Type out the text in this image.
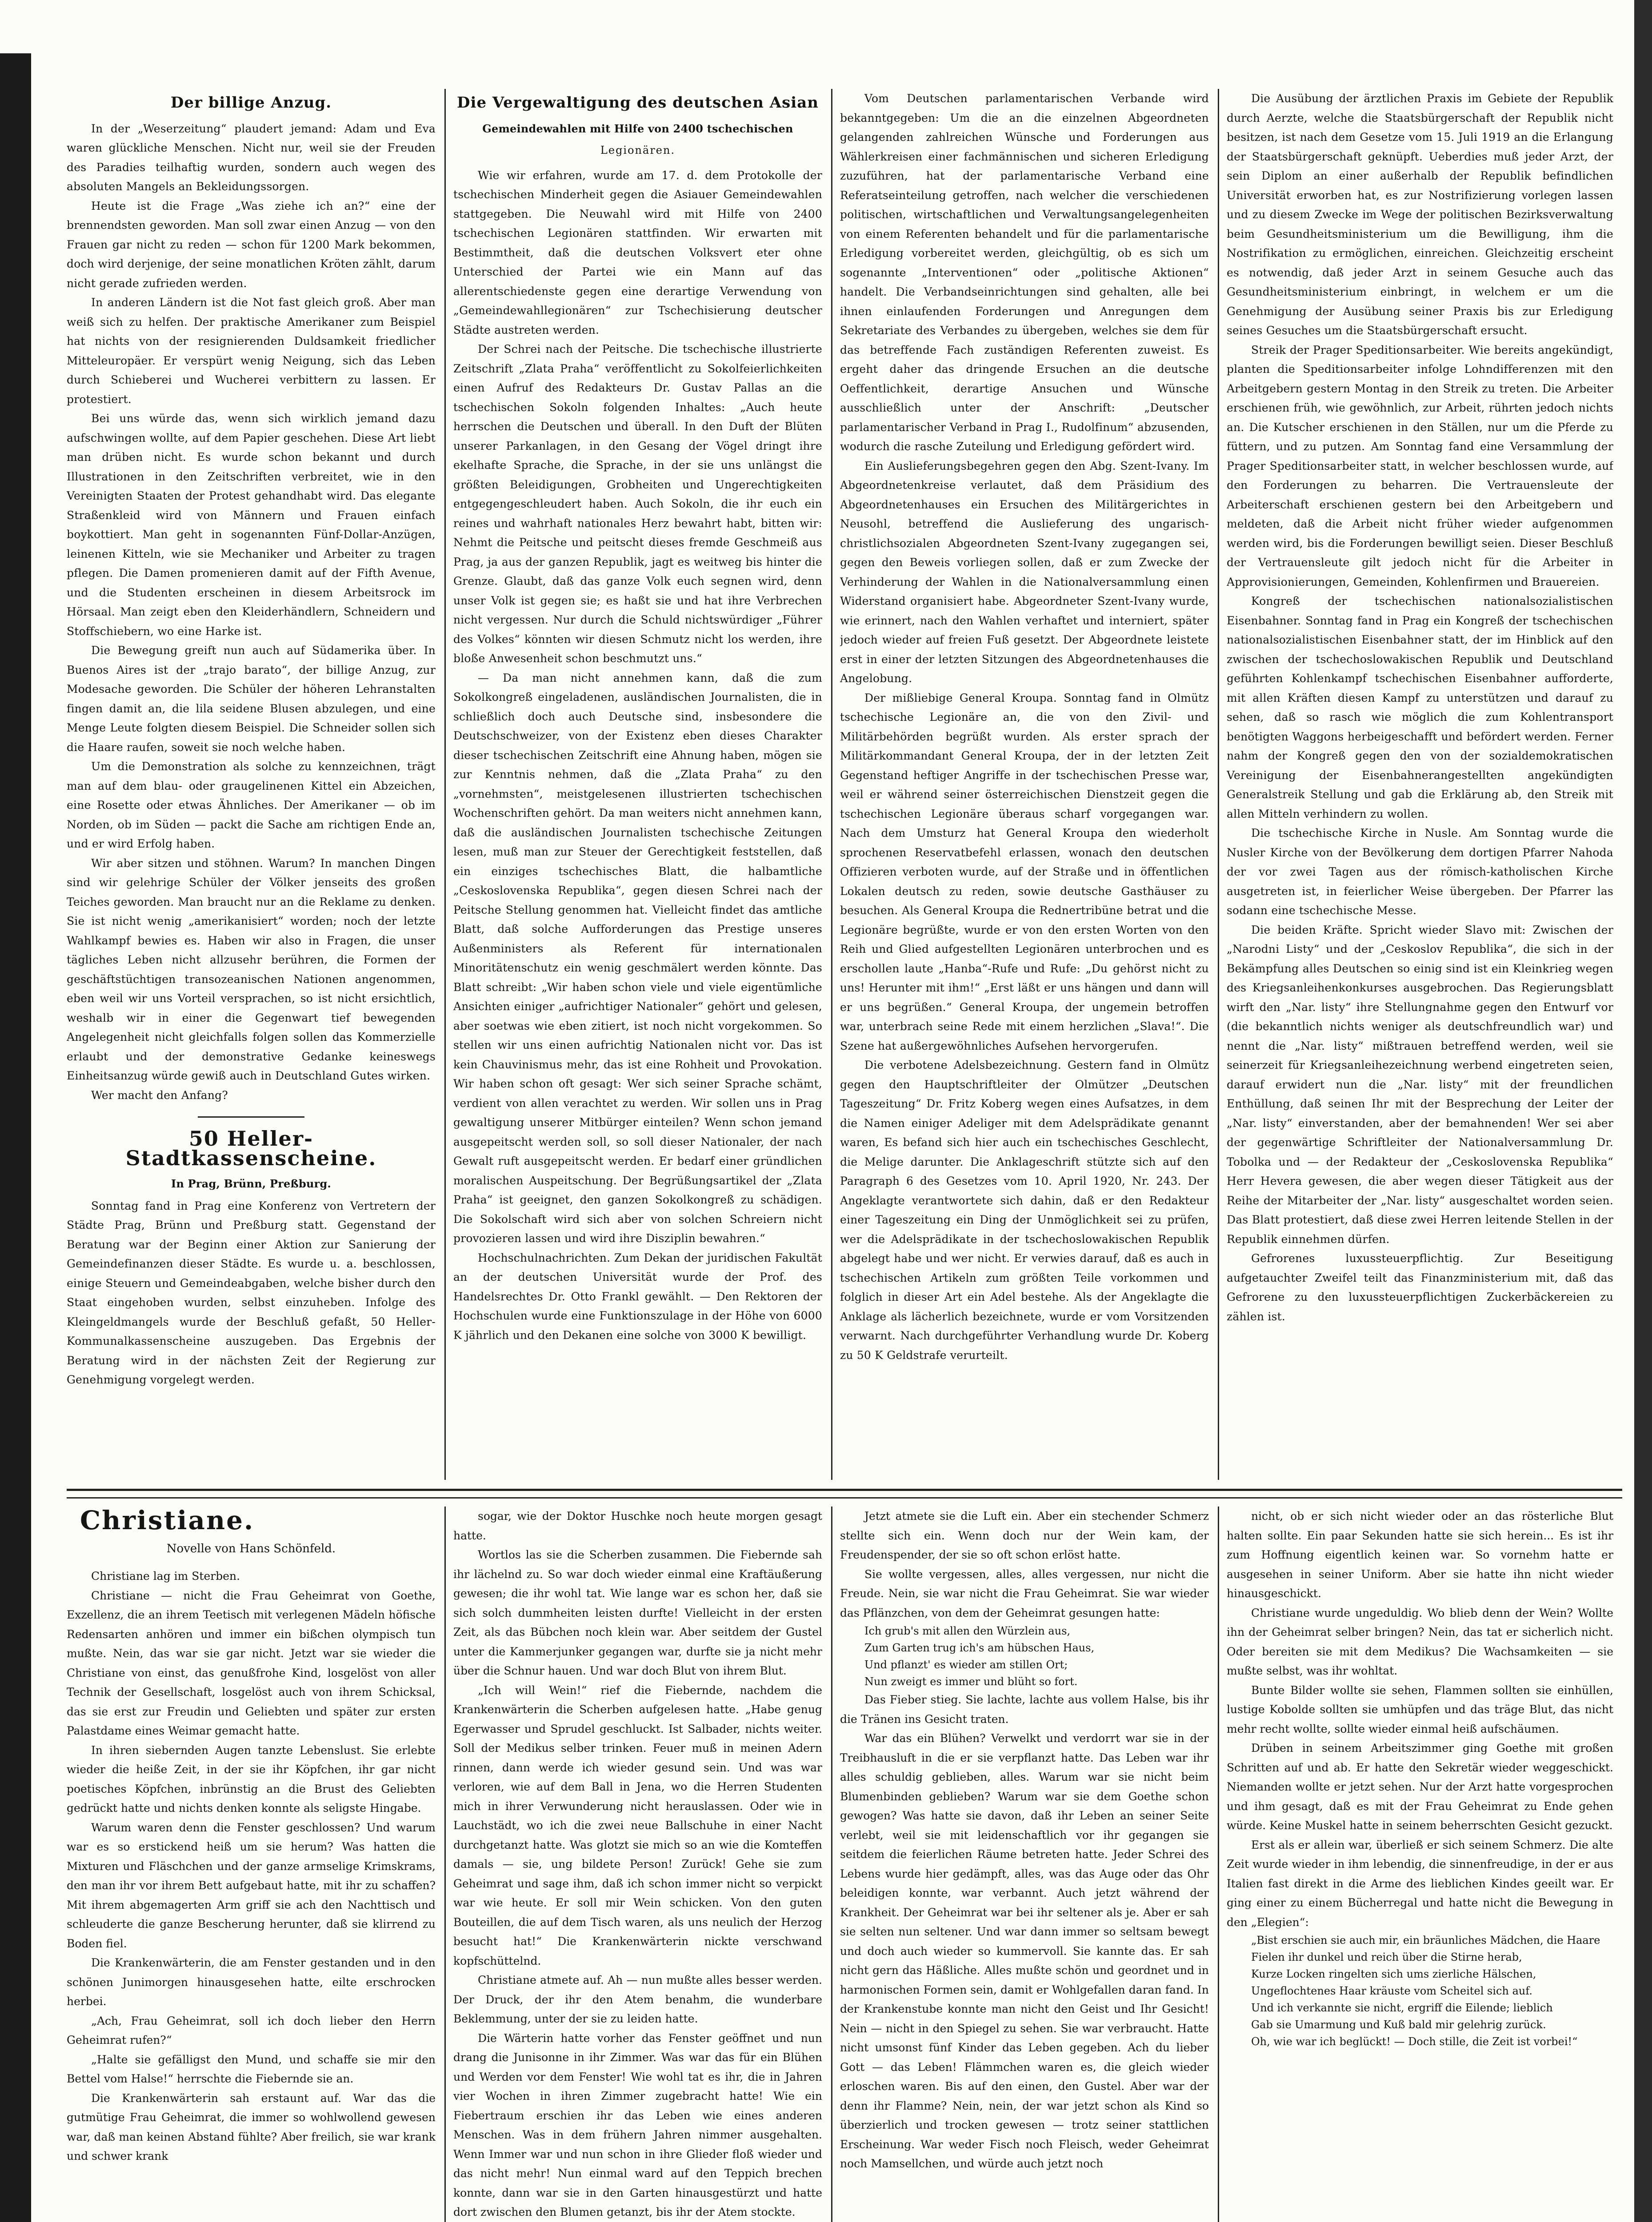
Der billige Anzug.

In der „Weserzeitung“ plaudert jemand: Adam und Eva waren glückliche Menschen. Nicht nur, weil sie der Freuden des Paradies teilhaftig wurden, sondern auch wegen des absoluten Mangels an Bekleidungssorgen.

Heute ist die Frage „Was ziehe ich an?“ eine der brennendsten geworden. Man soll zwar einen Anzug — von den Frauen gar nicht zu reden — schon für 1200 Mark bekommen, doch wird derjenige, der seine monatlichen Kröten zählt, darum nicht gerade zufrieden werden.

In anderen Ländern ist die Not fast gleich groß. Aber man weiß sich zu helfen. Der praktische Amerikaner zum Beispiel hat nichts von der resignierenden Duldsamkeit friedlicher Mitteleuropäer. Er verspürt wenig Neigung, sich das Leben durch Schieberei und Wucherei verbittern zu lassen. Er protestiert.

Bei uns würde das, wenn sich wirklich jemand dazu aufschwingen wollte, auf dem Papier geschehen. Diese Art liebt man drüben nicht. Es wurde schon bekannt und durch Illustrationen in den Zeitschriften verbreitet, wie in den Vereinigten Staaten der Protest gehandhabt wird. Das elegante Straßenkleid wird von Männern und Frauen einfach boykottiert. Man geht in sogenannten Fünf-Dollar-Anzügen, leinenen Kitteln, wie sie Mechaniker und Arbeiter zu tragen pflegen. Die Damen promenieren damit auf der Fifth Avenue, und die Studenten erscheinen in diesem Arbeitsrock im Hörsaal. Man zeigt eben den Kleiderhändlern, Schneidern und Stoffschiebern, wo eine Harke ist.

Die Bewegung greift nun auch auf Südamerika über. In Buenos Aires ist der „trajo barato“, der billige Anzug, zur Modesache geworden. Die Schüler der höheren Lehranstalten fingen damit an, die lila seidene Blusen abzulegen, und eine Menge Leute folgten diesem Beispiel. Die Schneider sollen sich die Haare raufen, soweit sie noch welche haben.

Um die Demonstration als solche zu kennzeichnen, trägt man auf dem blau- oder graugelinenen Kittel ein Abzeichen, eine Rosette oder etwas Ähnliches. Der Amerikaner — ob im Norden, ob im Süden — packt die Sache am richtigen Ende an, und er wird Erfolg haben.

Wir aber sitzen und stöhnen. Warum? In manchen Dingen sind wir gelehrige Schüler der Völker jenseits des großen Teiches geworden. Man braucht nur an die Reklame zu denken. Sie ist nicht wenig „amerikanisiert“ worden; noch der letzte Wahlkampf bewies es. Haben wir also in Fragen, die unser tägliches Leben nicht allzusehr berühren, die Formen der geschäftstüchtigen transozeanischen Nationen angenommen, eben weil wir uns Vorteil versprachen, so ist nicht ersichtlich, weshalb wir in einer die Gegenwart tief bewegenden Angelegenheit nicht gleichfalls folgen sollen das Kommerzielle erlaubt und der demonstrative Gedanke keineswegs Einheitsanzug würde gewiß auch in Deutschland Gutes wirken.

Wer macht den Anfang?

50 Heller-Stadtkassenscheine.
In Prag, Brünn, Preßburg.

Sonntag fand in Prag eine Konferenz von Vertretern der Städte Prag, Brünn und Preßburg statt. Gegenstand der Beratung war der Beginn einer Aktion zur Sanierung der Gemeindefinanzen dieser Städte. Es wurde u. a. beschlossen, einige Steuern und Gemeindeabgaben, welche bisher durch den Staat eingehoben wurden, selbst einzuheben. Infolge des Kleingeldmangels wurde der Beschluß gefaßt, 50 Heller-Kommunalkassenscheine auszugeben. Das Ergebnis der Beratung wird in der nächsten Zeit der Regierung zur Genehmigung vorgelegt werden.

Die Vergewaltigung des deutschen Asian
Gemeindewahlen mit Hilfe von 2400 tschechischen
Legionären.

Wie wir erfahren, wurde am 17. d. dem Protokolle der tschechischen Minderheit gegen die Asiauer Gemeindewahlen stattgegeben. Die Neuwahl wird mit Hilfe von 2400 tschechischen Legionären stattfinden. Wir erwarten mit Bestimmtheit, daß die deutschen Volksvert eter ohne Unterschied der Partei wie ein Mann auf das allerentschiedenste gegen eine derartige Verwendung von „Gemeindewahllegionären“ zur Tschechisierung deutscher Städte austreten werden.

Der Schrei nach der Peitsche. Die tschechische illustrierte Zeitschrift „Zlata Praha“ veröffentlicht zu Sokolfeierlichkeiten einen Aufruf des Redakteurs Dr. Gustav Pallas an die tschechischen Sokoln folgenden Inhaltes: „Auch heute herrschen die Deutschen und überall. In den Duft der Blüten unserer Parkanlagen, in den Gesang der Vögel dringt ihre ekelhafte Sprache, die Sprache, in der sie uns unlängst die größten Beleidigungen, Grobheiten und Ungerechtigkeiten entgegengeschleudert haben. Auch Sokoln, die ihr euch ein reines und wahrhaft nationales Herz bewahrt habt, bitten wir: Nehmt die Peitsche und peitscht dieses fremde Geschmeiß aus Prag, ja aus der ganzen Republik, jagt es weitweg bis hinter die Grenze. Glaubt, daß das ganze Volk euch segnen wird, denn unser Volk ist gegen sie; es haßt sie und hat ihre Verbrechen nicht vergessen. Nur durch die Schuld nichtswürdiger „Führer des Volkes“ könnten wir diesen Schmutz nicht los werden, ihre bloße Anwesenheit schon beschmutzt uns.“

— Da man nicht annehmen kann, daß die zum Sokolkongreß eingeladenen, ausländischen Journalisten, die in schließlich doch auch Deutsche sind, insbesondere die Deutschschweizer, von der Existenz eben dieses Charakter dieser tschechischen Zeitschrift eine Ahnung haben, mögen sie zur Kenntnis nehmen, daß die „Zlata Praha“ zu den „vornehmsten“, meistgelesenen illustrierten tschechischen Wochenschriften gehört. Da man weiters nicht annehmen kann, daß die ausländischen Journalisten tschechische Zeitungen lesen, muß man zur Steuer der Gerechtigkeit feststellen, daß ein einziges tschechisches Blatt, die halbamtliche „Ceskoslovenska Republika“, gegen diesen Schrei nach der Peitsche Stellung genommen hat. Vielleicht findet das amtliche Blatt, daß solche Aufforderungen das Prestige unseres Außenministers als Referent für internationalen Minoritätenschutz ein wenig geschmälert werden könnte. Das Blatt schreibt: „Wir haben schon viele und viele eigentümliche Ansichten einiger „aufrichtiger Nationaler“ gehört und gelesen, aber soetwas wie eben zitiert, ist noch nicht vorgekommen. So stellen wir uns einen aufrichtig Nationalen nicht vor. Das ist kein Chauvinismus mehr, das ist eine Rohheit und Provokation. Wir haben schon oft gesagt: Wer sich seiner Sprache schämt, verdient von allen verachtet zu werden. Wir sollen uns in Prag gewaltigung unserer Mitbürger einteilen? Wenn schon jemand ausgepeitscht werden soll, so soll dieser Nationaler, der nach Gewalt ruft ausgepeitscht werden. Er bedarf einer gründlichen moralischen Auspeitschung. Der Begrüßungsartikel der „Zlata Praha“ ist geeignet, den ganzen Sokolkongreß zu schädigen. Die Sokolschaft wird sich aber von solchen Schreiern nicht provozieren lassen und wird ihre Disziplin bewahren.“

Hochschulnachrichten. Zum Dekan der juridischen Fakultät an der deutschen Universität wurde der Prof. des Handelsrechtes Dr. Otto Frankl gewählt. — Den Rektoren der Hochschulen wurde eine Funktionszulage in der Höhe von 6000 K jährlich und den Dekanen eine solche von 3000 K bewilligt.

Vom Deutschen parlamentarischen Verbande wird bekanntgegeben: Um die an die einzelnen Abgeordneten gelangenden zahlreichen Wünsche und Forderungen aus Wählerkreisen einer fachmännischen und sicheren Erledigung zuzuführen, hat der parlamentarische Verband eine Referatseinteilung getroffen, nach welcher die verschiedenen politischen, wirtschaftlichen und Verwaltungsangelegenheiten von einem Referenten behandelt und für die parlamentarische Erledigung vorbereitet werden, gleichgültig, ob es sich um sogenannte „Interventionen“ oder „politische Aktionen“ handelt. Die Verbandseinrichtungen sind gehalten, alle bei ihnen einlaufenden Forderungen und Anregungen dem Sekretariate des Verbandes zu übergeben, welches sie dem für das betreffende Fach zuständigen Referenten zuweist. Es ergeht daher das dringende Ersuchen an die deutsche Oeffentlichkeit, derartige Ansuchen und Wünsche ausschließlich unter der Anschrift: „Deutscher parlamentarischer Verband in Prag I., Rudolfinum“ abzusenden, wodurch die rasche Zuteilung und Erledigung gefördert wird.

Ein Auslieferungsbegehren gegen den Abg. Szent-Ivany. Im Abgeordnetenkreise verlautet, daß dem Präsidium des Abgeordnetenhauses ein Ersuchen des Militärgerichtes in Neusohl, betreffend die Auslieferung des ungarisch-christlichsozialen Abgeordneten Szent-Ivany zugegangen sei, gegen den Beweis vorliegen sollen, daß er zum Zwecke der Verhinderung der Wahlen in die Nationalversammlung einen Widerstand organisiert habe. Abgeordneter Szent-Ivany wurde, wie erinnert, nach den Wahlen verhaftet und interniert, später jedoch wieder auf freien Fuß gesetzt. Der Abgeordnete leistete erst in einer der letzten Sitzungen des Abgeordnetenhauses die Angelobung.

Der mißliebige General Kroupa. Sonntag fand in Olmütz tschechische Legionäre an, die von den Zivil- und Militärbehörden begrüßt wurden. Als erster sprach der Militärkommandant General Kroupa, der in der letzten Zeit Gegenstand heftiger Angriffe in der tschechischen Presse war, weil er während seiner österreichischen Dienstzeit gegen die tschechischen Legionäre überaus scharf vorgegangen war. Nach dem Umsturz hat General Kroupa den wiederholt sprochenen Reservatbefehl erlassen, wonach den deutschen Offizieren verboten wurde, auf der Straße und in öffentlichen Lokalen deutsch zu reden, sowie deutsche Gasthäuser zu besuchen. Als General Kroupa die Rednertribüne betrat und die Legionäre begrüßte, wurde er von den ersten Worten von den Reih und Glied aufgestellten Legionären unterbrochen und es erschollen laute „Hanba“-Rufe und Rufe: „Du gehörst nicht zu uns! Herunter mit ihm!“ „Erst läßt er uns hängen und dann will er uns begrüßen.“ General Kroupa, der ungemein betroffen war, unterbrach seine Rede mit einem herzlichen „Slava!“. Die Szene hat außergewöhnliches Aufsehen hervorgerufen.

Die verbotene Adelsbezeichnung. Gestern fand in Olmütz gegen den Hauptschriftleiter der Olmützer „Deutschen Tageszeitung“ Dr. Fritz Koberg wegen eines Aufsatzes, in dem die Namen einiger Adeliger mit dem Adelsprädikate genannt waren, Es befand sich hier auch ein tschechisches Geschlecht, die Melige darunter. Die Anklageschrift stützte sich auf den Paragraph 6 des Gesetzes vom 10. April 1920, Nr. 243. Der Angeklagte verantwortete sich dahin, daß er den Redakteur einer Tageszeitung ein Ding der Unmöglichkeit sei zu prüfen, wer die Adelsprädikate in der tschechoslowakischen Republik abgelegt habe und wer nicht. Er verwies darauf, daß es auch in tschechischen Artikeln zum größten Teile vorkommen und folglich in dieser Art ein Adel bestehe. Als der Angeklagte die Anklage als lächerlich bezeichnete, wurde er vom Vorsitzenden verwarnt. Nach durchgeführter Verhandlung wurde Dr. Koberg zu 50 K Geldstrafe verurteilt.

Die Ausübung der ärztlichen Praxis im Gebiete der Republik durch Aerzte, welche die Staatsbürgerschaft der Republik nicht besitzen, ist nach dem Gesetze vom 15. Juli 1919 an die Erlangung der Staatsbürgerschaft geknüpft. Ueberdies muß jeder Arzt, der sein Diplom an einer außerhalb der Republik befindlichen Universität erworben hat, es zur Nostrifizierung vorlegen lassen und zu diesem Zwecke im Wege der politischen Bezirksverwaltung beim Gesundheitsministerium um die Bewilligung, ihm die Nostrifikation zu ermöglichen, einreichen. Gleichzeitig erscheint es notwendig, daß jeder Arzt in seinem Gesuche auch das Gesundheitsministerium einbringt, in welchem er um die Genehmigung der Ausübung seiner Praxis bis zur Erledigung seines Gesuches um die Staatsbürgerschaft ersucht.

Streik der Prager Speditionsarbeiter. Wie bereits angekündigt, planten die Speditionsarbeiter infolge Lohndifferenzen mit den Arbeitgebern gestern Montag in den Streik zu treten. Die Arbeiter erschienen früh, wie gewöhnlich, zur Arbeit, rührten jedoch nichts an. Die Kutscher erschienen in den Ställen, nur um die Pferde zu füttern, und zu putzen. Am Sonntag fand eine Versammlung der Prager Speditionsarbeiter statt, in welcher beschlossen wurde, auf den Forderungen zu beharren. Die Vertrauensleute der Arbeiterschaft erschienen gestern bei den Arbeitgebern und meldeten, daß die Arbeit nicht früher wieder aufgenommen werden wird, bis die Forderungen bewilligt seien. Dieser Beschluß der Vertrauensleute gilt jedoch nicht für die Arbeiter in Approvisionierungen, Gemeinden, Kohlenfirmen und Brauereien.

Kongreß der tschechischen nationalsozialistischen Eisenbahner. Sonntag fand in Prag ein Kongreß der tschechischen nationalsozialistischen Eisenbahner statt, der im Hinblick auf den zwischen der tschechoslowakischen Republik und Deutschland geführten Kohlenkampf tschechischen Eisenbahner aufforderte, mit allen Kräften diesen Kampf zu unterstützen und darauf zu sehen, daß so rasch wie möglich die zum Kohlentransport benötigten Waggons herbeigeschafft und befördert werden. Ferner nahm der Kongreß gegen den von der sozialdemokratischen Vereinigung der Eisenbahnerangestellten angekündigten Generalstreik Stellung und gab die Erklärung ab, den Streik mit allen Mitteln verhindern zu wollen.

Die tschechische Kirche in Nusle. Am Sonntag wurde die Nusler Kirche von der Bevölkerung dem dortigen Pfarrer Nahoda der vor zwei Tagen aus der römisch-katholischen Kirche ausgetreten ist, in feierlicher Weise übergeben. Der Pfarrer las sodann eine tschechische Messe.

Die beiden Kräfte. Spricht wieder Slavo mit: Zwischen der „Narodni Listy“ und der „Ceskoslov Republika“, die sich in der Bekämpfung alles Deutschen so einig sind ist ein Kleinkrieg wegen des Kriegsanleihenkonkurses ausgebrochen. Das Regierungsblatt wirft den „Nar. listy“ ihre Stellungnahme gegen den Entwurf vor (die bekanntlich nichts weniger als deutschfreundlich war) und nennt die „Nar. listy“ mißtrauen betreffend werden, weil sie seinerzeit für Kriegsanleihezeichnung werbend eingetreten seien, darauf erwidert nun die „Nar. listy“ mit der freundlichen Enthüllung, daß seinen Ihr mit der Besprechung der Leiter der „Nar. listy“ einverstanden, aber der bemahnenden! Wer sei aber der gegenwärtige Schriftleiter der Nationalversammlung Dr. Tobolka und — der Redakteur der „Ceskoslovenska Republika“ Herr Hevera gewesen, die aber wegen dieser Tätigkeit aus der Reihe der Mitarbeiter der „Nar. listy“ ausgeschaltet worden seien. Das Blatt protestiert, daß diese zwei Herren leitende Stellen in der Republik einnehmen dürfen.

Gefrorenes luxussteuerpflichtig. Zur Beseitigung aufgetauchter Zweifel teilt das Finanzministerium mit, daß das Gefrorene zu den luxussteuerpflichtigen Zuckerbäckereien zu zählen ist.

Christiane.
Novelle von Hans Schönfeld.

Christiane lag im Sterben.

Christiane — nicht die Frau Geheimrat von Goethe, Exzellenz, die an ihrem Teetisch mit verlegenen Mädeln höfische Redensarten anhören und immer ein bißchen olympisch tun mußte. Nein, das war sie gar nicht. Jetzt war sie wieder die Christiane von einst, das genußfrohe Kind, losgelöst von aller Technik der Gesellschaft, losgelöst auch von ihrem Schicksal, das sie erst zur Freudin und Geliebten und später zur ersten Palastdame eines Weimar gemacht hatte.

In ihren siebernden Augen tanzte Lebenslust. Sie erlebte wieder die heiße Zeit, in der sie ihr Köpfchen, ihr gar nicht poetisches Köpfchen, inbrünstig an die Brust des Geliebten gedrückt hatte und nichts denken konnte als seligste Hingabe.

Warum waren denn die Fenster geschlossen? Und warum war es so erstickend heiß um sie herum? Was hatten die Mixturen und Fläschchen und der ganze armselige Krimskrams, den man ihr vor ihrem Bett aufgebaut hatte, mit ihr zu schaffen? Mit ihrem abgemagerten Arm griff sie ach den Nachttisch und schleuderte die ganze Bescherung herunter, daß sie klirrend zu Boden fiel.

Die Krankenwärterin, die am Fenster gestanden und in den schönen Junimorgen hinausgesehen hatte, eilte erschrocken herbei.

„Ach, Frau Geheimrat, soll ich doch lieber den Herrn Geheimrat rufen?“

„Halte sie gefälligst den Mund, und schaffe sie mir den Bettel vom Halse!“ herrschte die Fiebernde sie an.

Die Krankenwärterin sah erstaunt auf. War das die gutmütige Frau Geheimrat, die immer so wohlwollend gewesen war, daß man keinen Abstand fühlte? Aber freilich, sie war krank und schwer krank

sogar, wie der Doktor Huschke noch heute morgen gesagt hatte.

Wortlos las sie die Scherben zusammen. Die Fiebernde sah ihr lächelnd zu. So war doch wieder einmal eine Kraftäußerung gewesen; die ihr wohl tat. Wie lange war es schon her, daß sie sich solch dummheiten leisten durfte! Vielleicht in der ersten Zeit, als das Bübchen noch klein war. Aber seitdem der Gustel unter die Kammerjunker gegangen war, durfte sie ja nicht mehr über die Schnur hauen. Und war doch Blut von ihrem Blut.

„Ich will Wein!“ rief die Fiebernde, nachdem die Krankenwärterin die Scherben aufgelesen hatte. „Habe genug Egerwasser und Sprudel geschluckt. Ist Salbader, nichts weiter. Soll der Medikus selber trinken. Feuer muß in meinen Adern rinnen, dann werde ich wieder gesund sein. Und was war verloren, wie auf dem Ball in Jena, wo die Herren Studenten mich in ihrer Verwunderung nicht herauslassen. Oder wie in Lauchstädt, wo ich die zwei neue Ballschuhe in einer Nacht durchgetanzt hatte. Was glotzt sie mich so an wie die Komteffen damals — sie, ung bildete Person! Zurück! Gehe sie zum Geheimrat und sage ihm, daß ich schon immer nicht so verpickt war wie heute. Er soll mir Wein schicken. Von den guten Bouteillen, die auf dem Tisch waren, als uns neulich der Herzog besucht hat!“ Die Krankenwärterin nickte verschwand kopfschüttelnd.

Christiane atmete auf. Ah — nun mußte alles besser werden. Der Druck, der ihr den Atem benahm, die wunderbare Beklemmung, unter der sie zu leiden hatte.

Die Wärterin hatte vorher das Fenster geöffnet und nun drang die Junisonne in ihr Zimmer. Was war das für ein Blühen und Werden vor dem Fenster! Wie wohl tat es ihr, die in Jahren vier Wochen in ihren Zimmer zugebracht hatte! Wie ein Fiebertraum erschien ihr das Leben wie eines anderen Menschen. Was in dem frühern Jahren nimmer ausgehalten. Wenn Immer war und nun schon in ihre Glieder floß wieder und das nicht mehr! Nun einmal ward auf den Teppich brechen konnte, dann war sie in den Garten hinausgestürzt und hatte dort zwischen den Blumen getanzt, bis ihr der Atem stockte.

Jetzt atmete sie die Luft ein. Aber ein stechender Schmerz stellte sich ein. Wenn doch nur der Wein kam, der Freudenspender, der sie so oft schon erlöst hatte.

Sie wollte vergessen, alles, alles vergessen, nur nicht die Freude. Nein, sie war nicht die Frau Geheimrat. Sie war wieder das Pflänzchen, von dem der Geheimrat gesungen hatte:

Ich grub's mit allen den Würzlein aus,

Zum Garten trug ich's am hübschen Haus,

Und pflanzt' es wieder am stillen Ort;

Nun zweigt es immer und blüht so fort.

Das Fieber stieg. Sie lachte, lachte aus vollem Halse, bis ihr die Tränen ins Gesicht traten.

War das ein Blühen? Verwelkt und verdorrt war sie in der Treibhausluft in die er sie verpflanzt hatte. Das Leben war ihr alles schuldig geblieben, alles. Warum war sie nicht beim Blumenbinden geblieben? Warum war sie dem Goethe schon gewogen? Was hatte sie davon, daß ihr Leben an seiner Seite verlebt, weil sie mit leidenschaftlich vor ihr gegangen sie seitdem die feierlichen Räume betreten hatte. Jeder Schrei des Lebens wurde hier gedämpft, alles, was das Auge oder das Ohr beleidigen konnte, war verbannt. Auch jetzt während der Krankheit. Der Geheimrat war bei ihr seltener als je. Aber er sah sie selten nun seltener. Und war dann immer so seltsam bewegt und doch auch wieder so kummervoll. Sie kannte das. Er sah nicht gern das Häßliche. Alles mußte schön und geordnet und in harmonischen Formen sein, damit er Wohlgefallen daran fand. In der Krankenstube konnte man nicht den Geist und Ihr Gesicht! Nein — nicht in den Spiegel zu sehen. Sie war verbraucht. Hatte nicht umsonst fünf Kinder das Leben gegeben. Ach du lieber Gott — das Leben! Flämmchen waren es, die gleich wieder erloschen waren. Bis auf den einen, den Gustel. Aber war der denn ihr Flamme? Nein, nein, der war jetzt schon als Kind so überzierlich und trocken gewesen — trotz seiner stattlichen Erscheinung. War weder Fisch noch Fleisch, weder Geheimrat noch Mamsellchen, und würde auch jetzt noch

nicht, ob er sich nicht wieder oder an das rösterliche Blut halten sollte. Ein paar Sekunden hatte sie sich herein... Es ist ihr zum Hoffnung eigentlich keinen war. So vornehm hatte er ausgesehen in seiner Uniform. Aber sie hatte ihn nicht wieder hinausgeschickt.

Christiane wurde ungeduldig. Wo blieb denn der Wein? Wollte ihn der Geheimrat selber bringen? Nein, das tat er sicherlich nicht. Oder bereiten sie mit dem Medikus? Die Wachsamkeiten — sie mußte selbst, was ihr wohltat.

Bunte Bilder wollte sie sehen, Flammen sollten sie einhüllen, lustige Kobolde sollten sie umhüpfen und das träge Blut, das nicht mehr recht wollte, sollte wieder einmal heiß aufschäumen.

Drüben in seinem Arbeitszimmer ging Goethe mit großen Schritten auf und ab. Er hatte den Sekretär wieder weggeschickt. Niemanden wollte er jetzt sehen. Nur der Arzt hatte vorgesprochen und ihm gesagt, daß es mit der Frau Geheimrat zu Ende gehen würde. Keine Muskel hatte in seinem beherrschten Gesicht gezuckt.

Erst als er allein war, überließ er sich seinem Schmerz. Die alte Zeit wurde wieder in ihm lebendig, die sinnenfreudige, in der er aus Italien fast direkt in die Arme des lieblichen Kindes geeilt war. Er ging einer zu einem Bücherregal und hatte nicht die Bewegung in den „Elegien“:

„Bist erschien sie auch mir, ein bräunliches Mädchen, die Haare

Fielen ihr dunkel und reich über die Stirne herab,

Kurze Locken ringelten sich ums zierliche Hälschen,

Ungeflochtenes Haar kräuste vom Scheitel sich auf.

Und ich verkannte sie nicht, ergriff die Eilende; lieblich

Gab sie Umarmung und Kuß bald mir gelehrig zurück.

Oh, wie war ich beglückt! — Doch stille, die Zeit ist vorbei!“
